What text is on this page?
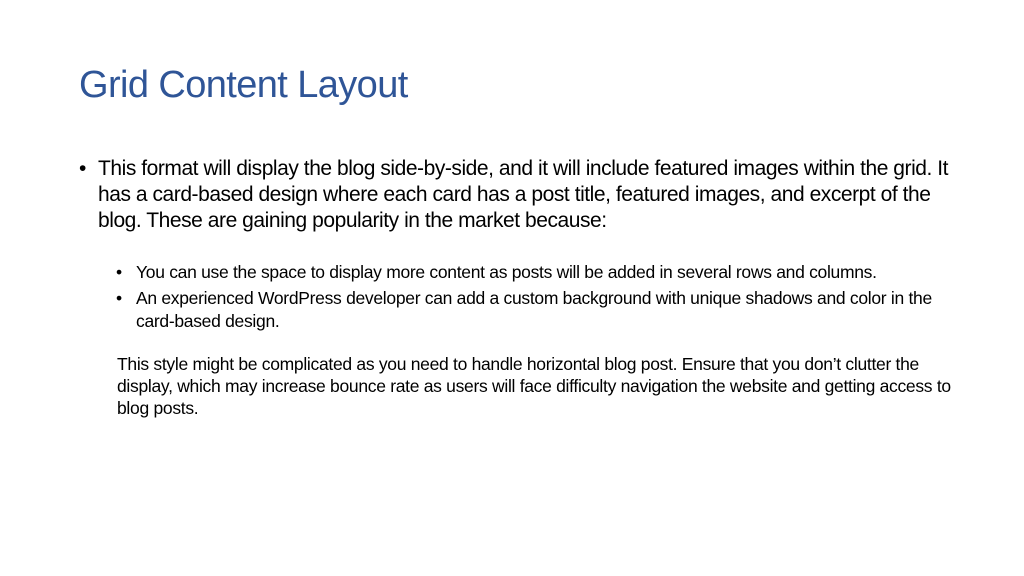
Grid Content Layout

• This format will display the blog side-by-side, and it will include featured images within the grid. It has a card-based design where each card has a post title, featured images, and excerpt of the blog. These are gaining popularity in the market because:

• You can use the space to display more content as posts will be added in several rows and columns.
• An experienced WordPress developer can add a custom background with unique shadows and color in the card-based design.

This style might be complicated as you need to handle horizontal blog post. Ensure that you don’t clutter the display, which may increase bounce rate as users will face difficulty navigation the website and getting access to blog posts.
